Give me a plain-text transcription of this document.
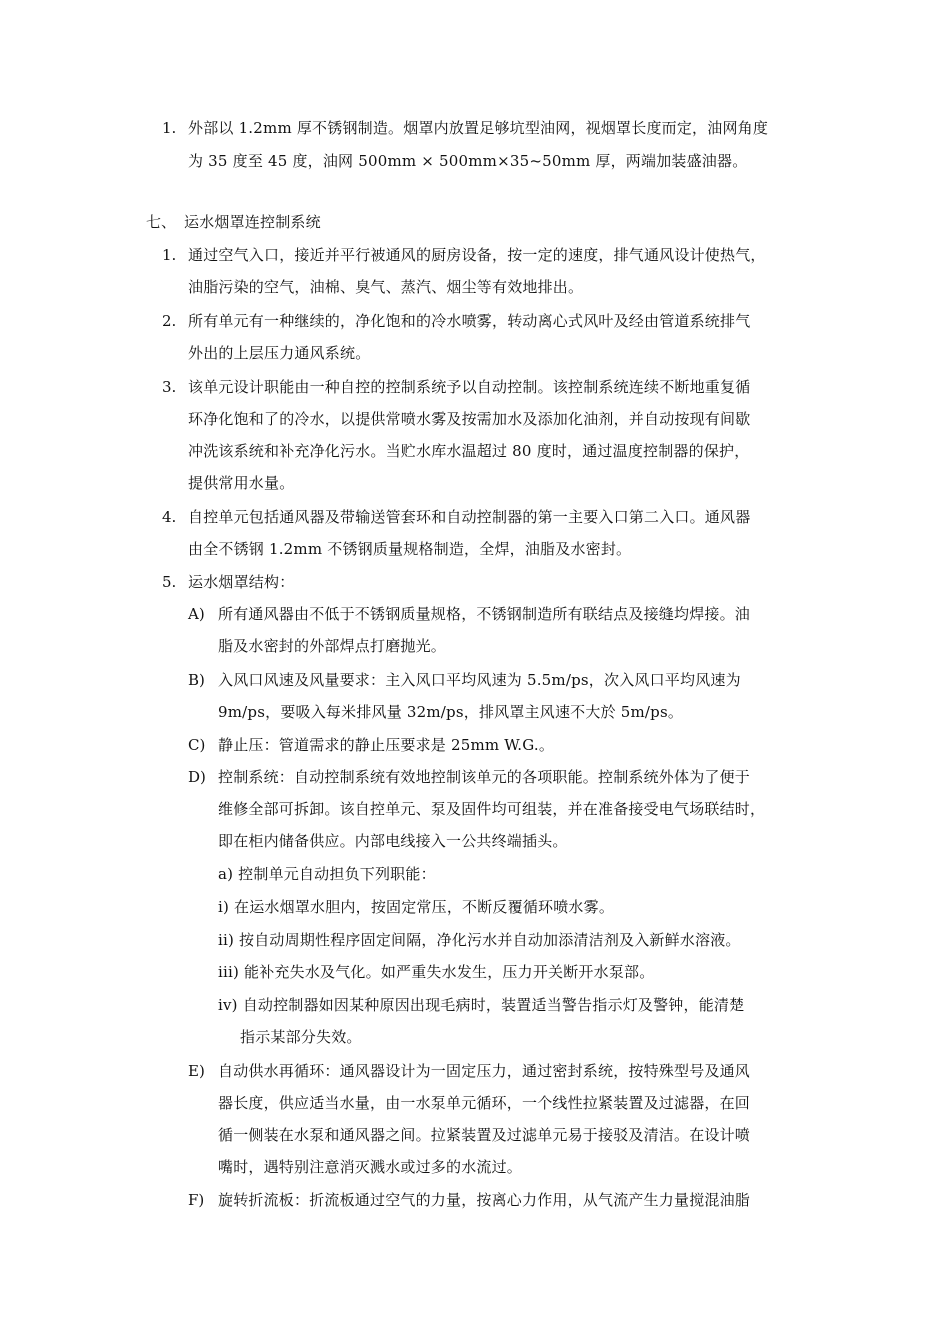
1. 外部以 1.2mm 厚不锈钢制造。烟罩内放置足够坑型油网，视烟罩长度而定，油网角度
为 35 度至 45 度，油网 500mm × 500mm×35~50mm 厚，两端加装盛油器。
七、 运水烟罩连控制系统
1. 通过空气入口，接近并平行被通风的厨房设备，按一定的速度，排气通风设计使热气，
油脂污染的空气，油棉、臭气、蒸汽、烟尘等有效地排出。
2. 所有单元有一种继续的，净化饱和的冷水喷雾，转动离心式风叶及经由管道系统排气
外出的上层压力通风系统。
3. 该单元设计职能由一种自控的控制系统予以自动控制。该控制系统连续不断地重复循
环净化饱和了的冷水，以提供常喷水雾及按需加水及添加化油剂，并自动按现有间歇
冲洗该系统和补充净化污水。当贮水库水温超过 80 度时，通过温度控制器的保护，
提供常用水量。
4. 自控单元包括通风器及带输送管套环和自动控制器的第一主要入口第二入口。通风器
由全不锈钢 1.2mm 不锈钢质量规格制造，全焊，油脂及水密封。
5. 运水烟罩结构：
A) 所有通风器由不低于不锈钢质量规格，不锈钢制造所有联结点及接缝均焊接。油
脂及水密封的外部焊点打磨抛光。
B) 入风口风速及风量要求：主入风口平均风速为 5.5m/ps，次入风口平均风速为
9m/ps，要吸入每米排风量 32m/ps，排风罩主风速不大於 5m/ps。
C) 静止压：管道需求的静止压要求是 25mm W.G.。
D) 控制系统：自动控制系统有效地控制该单元的各项职能。控制系统外体为了便于
维修全部可拆卸。该自控单元、泵及固件均可组装，并在准备接受电气场联结时，
即在柜内储备供应。内部电线接入一公共终端插头。
a) 控制单元自动担负下列职能：
i) 在运水烟罩水胆内，按固定常压，不断反覆循环喷水雾。
ii) 按自动周期性程序固定间隔，净化污水并自动加添清洁剂及入新鲜水溶液。
iii) 能补充失水及气化。如严重失水发生，压力开关断开水泵部。
iv) 自动控制器如因某种原因出现毛病时，装置适当警告指示灯及警钟，能清楚
指示某部分失效。
E) 自动供水再循环：通风器设计为一固定压力，通过密封系统，按特殊型号及通风
器长度，供应适当水量，由一水泵单元循环，一个线性拉紧装置及过滤器，在回
循一侧装在水泵和通风器之间。拉紧装置及过滤单元易于接驳及清洁。在设计喷
嘴时，遇特别注意消灭溅水或过多的水流过。
F) 旋转折流板：折流板通过空气的力量，按离心力作用，从气流产生力量搅混油脂
